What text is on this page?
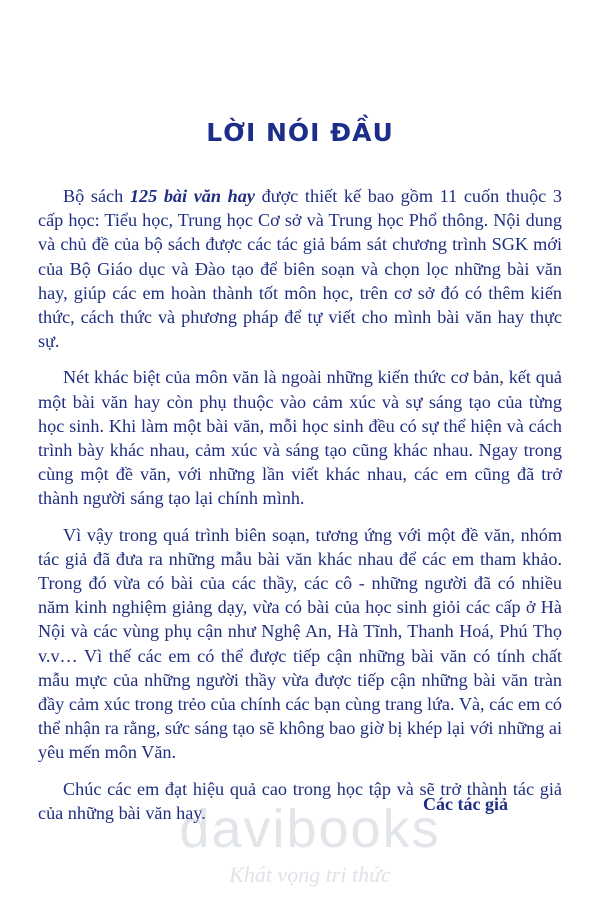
LỜI NÓI ĐẦU

Bộ sách 125 bài văn hay được thiết kế bao gồm 11 cuốn thuộc 3 cấp học: Tiểu học, Trung học Cơ sở và Trung học Phổ thông. Nội dung và chủ đề của bộ sách được các tác giả bám sát chương trình SGK mới của Bộ Giáo dục và Đào tạo để biên soạn và chọn lọc những bài văn hay, giúp các em hoàn thành tốt môn học, trên cơ sở đó có thêm kiến thức, cách thức và phương pháp để tự viết cho mình bài văn hay thực sự.

Nét khác biệt của môn văn là ngoài những kiến thức cơ bản, kết quả một bài văn hay còn phụ thuộc vào cảm xúc và sự sáng tạo của từng học sinh. Khi làm một bài văn, mỗi học sinh đều có sự thể hiện và cách trình bày khác nhau, cảm xúc và sáng tạo cũng khác nhau. Ngay trong cùng một đề văn, với những lần viết khác nhau, các em cũng đã trở thành người sáng tạo lại chính mình.

Vì vậy trong quá trình biên soạn, tương ứng với một đề văn, nhóm tác giả đã đưa ra những mẫu bài văn khác nhau để các em tham khảo. Trong đó vừa có bài của các thầy, các cô - những người đã có nhiều năm kinh nghiệm giảng dạy, vừa có bài của học sinh giỏi các cấp ở Hà Nội và các vùng phụ cận như Nghệ An, Hà Tĩnh, Thanh Hoá, Phú Thọ v.v… Vì thế các em có thể được tiếp cận những bài văn có tính chất mẫu mực của những người thầy vừa được tiếp cận những bài văn tràn đầy cảm xúc trong trẻo của chính các bạn cùng trang lứa. Và, các em có thể nhận ra rằng, sức sáng tạo sẽ không bao giờ bị khép lại với những ai yêu mến môn Văn.

Chúc các em đạt hiệu quả cao trong học tập và sẽ trở thành tác giả của những bài văn hay.	Các tác giả
davibooks
Khát vọng tri thức
